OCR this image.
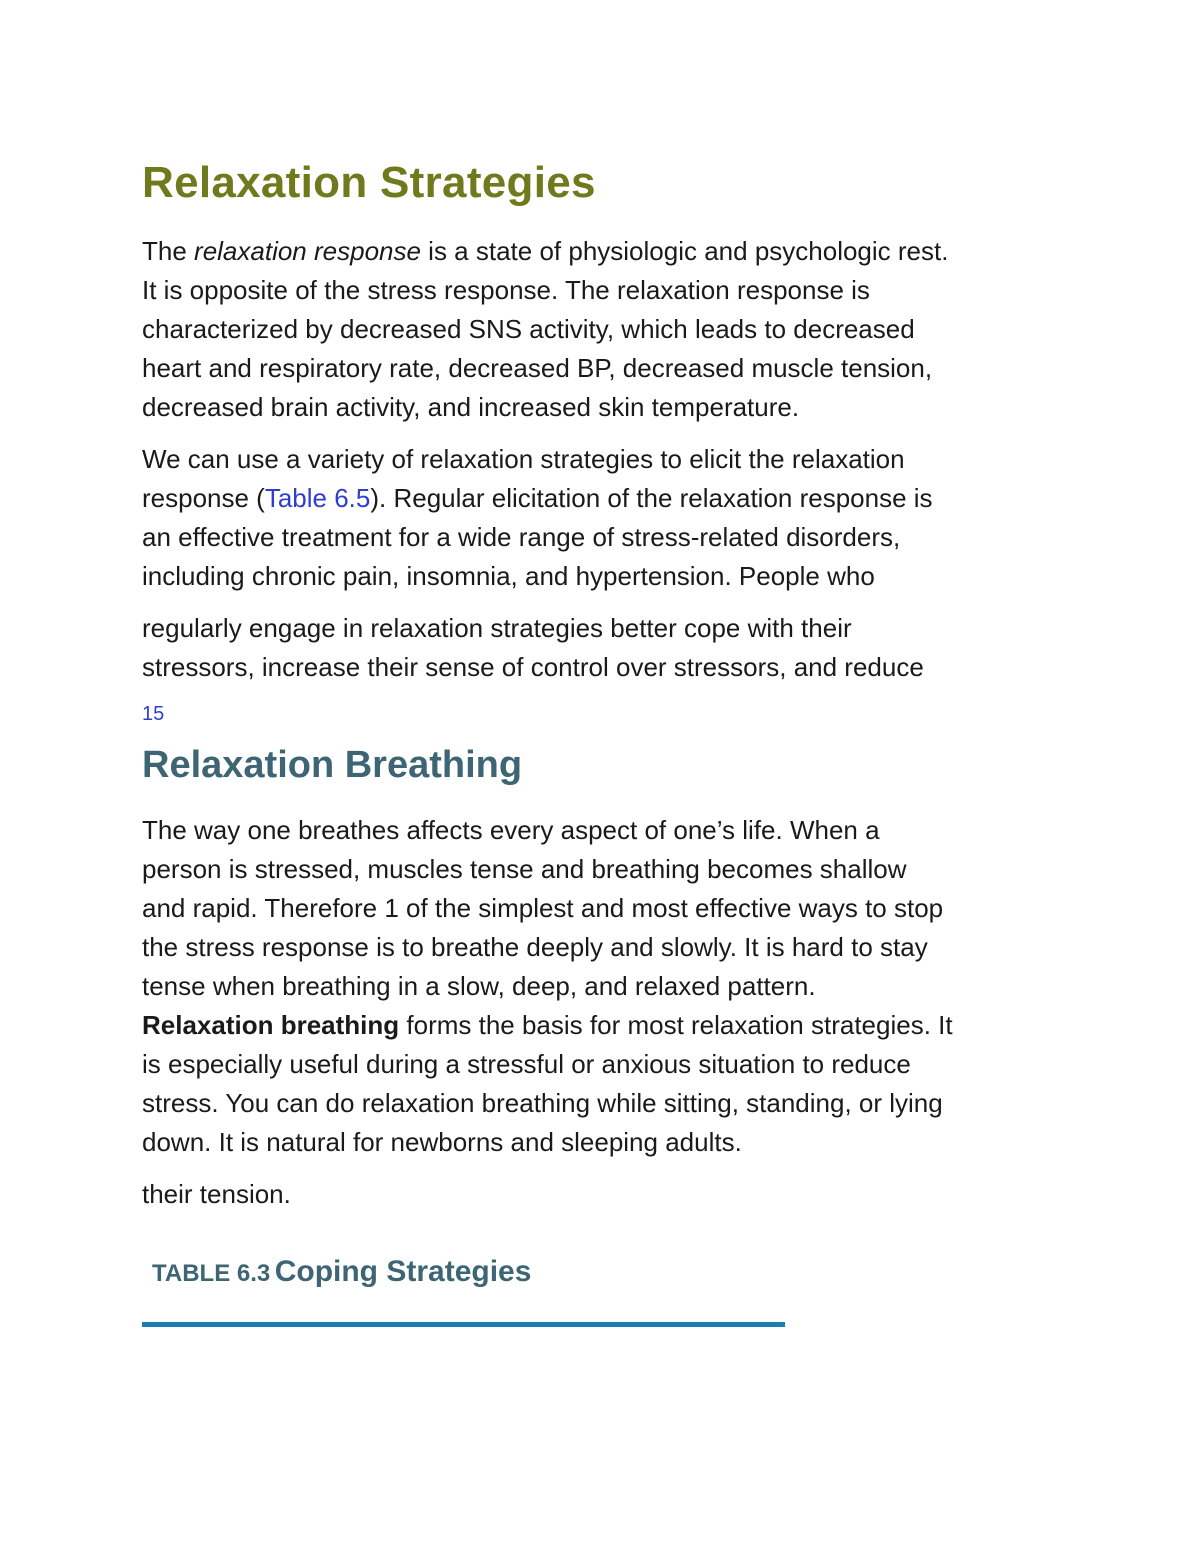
Relaxation Strategies

The relaxation response is a state of physiologic and psychologic rest.
It is opposite of the stress response. The relaxation response is
characterized by decreased SNS activity, which leads to decreased
heart and respiratory rate, decreased BP, decreased muscle tension,
decreased brain activity, and increased skin temperature.

We can use a variety of relaxation strategies to elicit the relaxation
response (Table 6.5). Regular elicitation of the relaxation response is
an effective treatment for a wide range of stress-related disorders,
including chronic pain, insomnia, and hypertension. People who

regularly engage in relaxation strategies better cope with their
stressors, increase their sense of control over stressors, and reduce

15

Relaxation Breathing

The way one breathes affects every aspect of one’s life. When a
person is stressed, muscles tense and breathing becomes shallow
and rapid. Therefore 1 of the simplest and most effective ways to stop
the stress response is to breathe deeply and slowly. It is hard to stay
tense when breathing in a slow, deep, and relaxed pattern.
Relaxation breathing forms the basis for most relaxation strategies. It
is especially useful during a stressful or anxious situation to reduce
stress. You can do relaxation breathing while sitting, standing, or lying
down. It is natural for newborns and sleeping adults.

their tension.

TABLE 6.3 Coping Strategies
